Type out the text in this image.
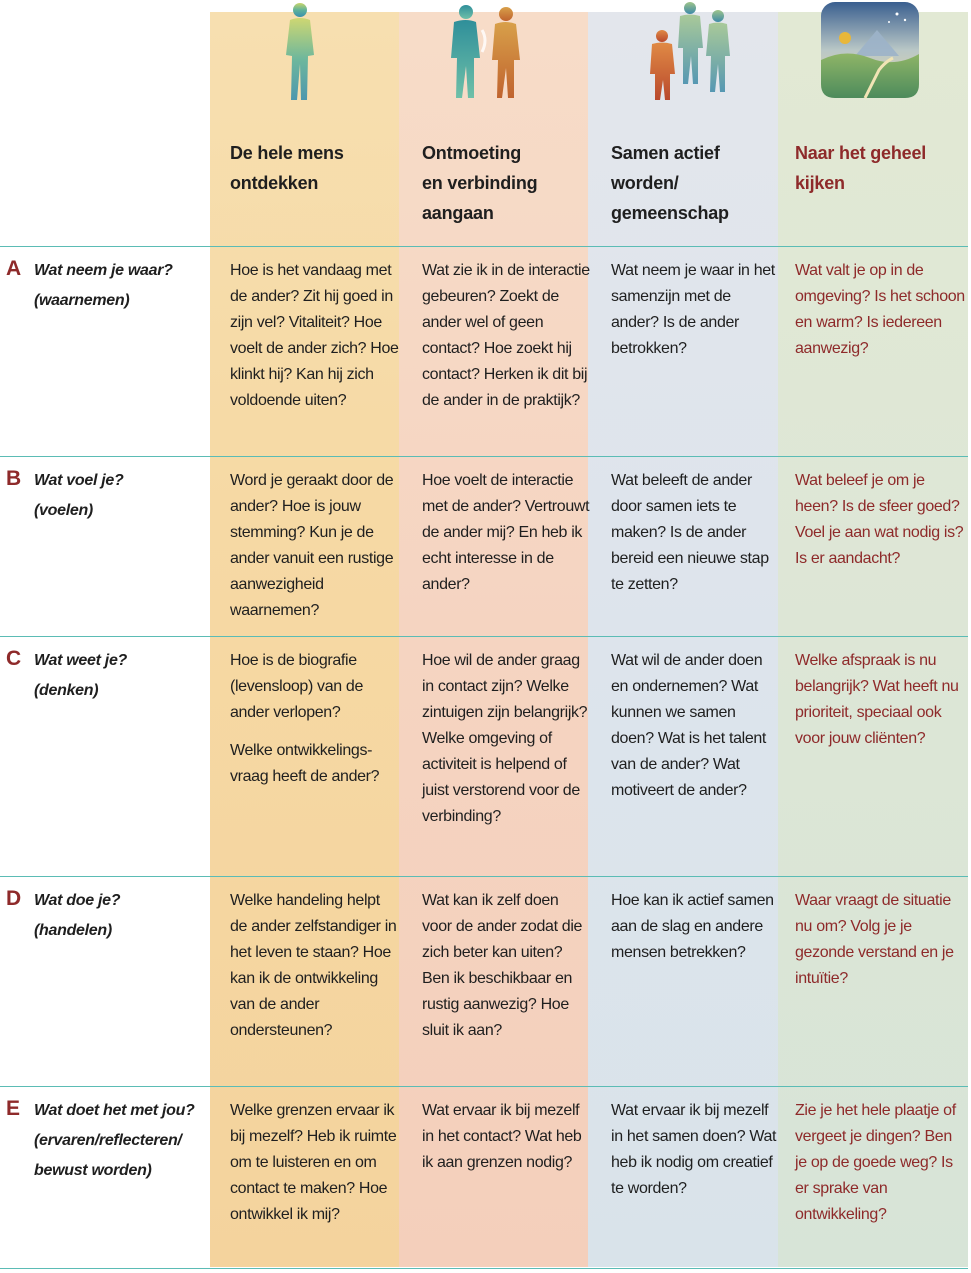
De hele mens
ontdekken
Ontmoeting
en verbinding
aangaan
Samen actief
worden/
gemeenschap
Naar het geheel
kijken
A Wat neem je waar?
(waarnemen)

Hoe is het vandaag met de ander? Zit hij goed in zijn vel? Vitaliteit? Hoe voelt de ander zich? Hoe klinkt hij? Kan hij zich voldoende uiten?

Wat zie ik in de interactie gebeuren? Zoekt de ander wel of geen contact? Hoe zoekt hij contact? Herken ik dit bij de ander in de praktijk?

Wat neem je waar in het samenzijn met de ander? Is de ander betrokken?

Wat valt je op in de omgeving? Is het schoon en warm? Is iedereen aanwezig?

B Wat voel je?
(voelen)

Word je geraakt door de ander? Hoe is jouw stemming? Kun je de ander vanuit een rustige aanwezigheid waarnemen?

Hoe voelt de interactie met de ander? Vertrouwt de ander mij? En heb ik echt interesse in de ander?

Wat beleeft de ander door samen iets te maken? Is de ander bereid een nieuwe stap te zetten?

Wat beleef je om je heen? Is de sfeer goed? Voel je aan wat nodig is? Is er aandacht?

C Wat weet je?
(denken)

Hoe is de biografie (levensloop) van de ander verlopen?

Welke ontwikkelings-vraag heeft de ander?

Hoe wil de ander graag in contact zijn? Welke zintuigen zijn belangrijk? Welke omgeving of activiteit is helpend of juist verstorend voor de verbinding?

Wat wil de ander doen en ondernemen? Wat kunnen we samen doen? Wat is het talent van de ander? Wat motiveert de ander?

Welke afspraak is nu belangrijk? Wat heeft nu prioriteit, speciaal ook voor jouw cliënten?

D Wat doe je?
(handelen)

Welke handeling helpt de ander zelfstandiger in het leven te staan? Hoe kan ik de ontwikkeling van de ander ondersteunen?

Wat kan ik zelf doen voor de ander zodat die zich beter kan uiten? Ben ik beschikbaar en rustig aanwezig? Hoe sluit ik aan?

Hoe kan ik actief samen aan de slag en andere mensen betrekken?

Waar vraagt de situatie nu om? Volg je je gezonde verstand en je intuïtie?

E Wat doet het met jou?
(ervaren/reflecteren/ bewust worden)

Welke grenzen ervaar ik bij mezelf? Heb ik ruimte om te luisteren en om contact te maken? Hoe ontwikkel ik mij?

Wat ervaar ik bij mezelf in het contact? Wat heb ik aan grenzen nodig?

Wat ervaar ik bij mezelf in het samen doen? Wat heb ik nodig om creatief te worden?

Zie je het hele plaatje of vergeet je dingen? Ben je op de goede weg? Is er sprake van ontwikkeling?
